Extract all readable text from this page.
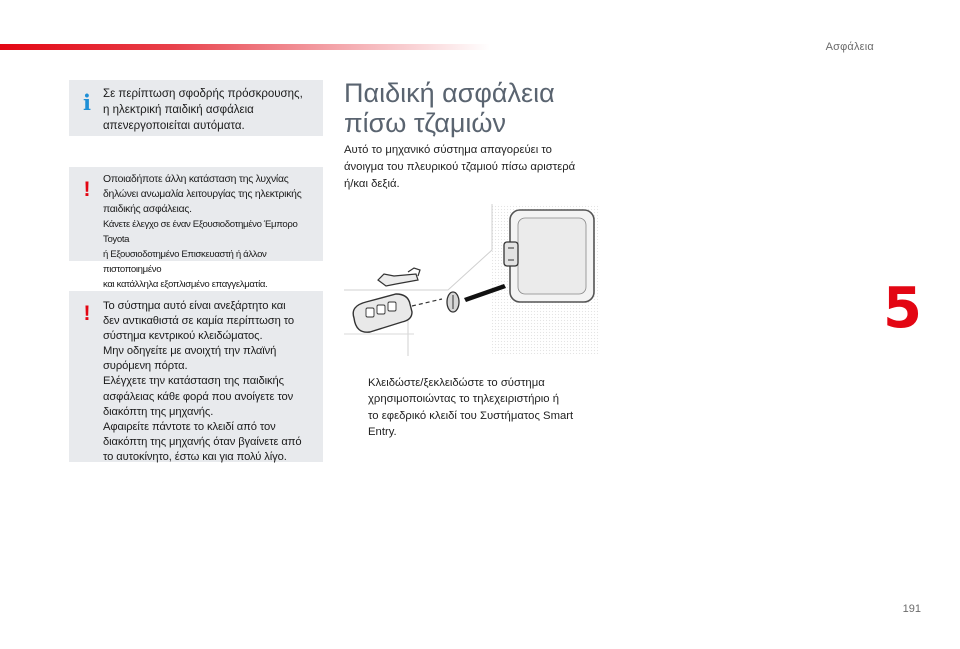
Ασφάλεια
5
191
i Σε περίπτωση σφοδρής πρόσκρουσης,

η ηλεκτρική παιδική ασφάλεια

απενεργοποιείται αυτόματα.

!	Οποιαδήποτε άλλη κατάσταση της λυχνίας

δηλώνει ανωμαλία λειτουργίας της ηλεκτρικής

παιδικής ασφάλειας.

Κάνετε έλεγχο σε έναν Εξουσιοδοτημένο Έμπορο Toyota

ή Εξουσιοδοτημένο Επισκευαστή ή άλλον πιστοποιημένο

και κατάλληλα εξοπλισμένο επαγγελματία.

!	Το σύστημα αυτό είναι ανεξάρτητο και

δεν αντικαθιστά σε καμία περίπτωση το

σύστημα κεντρικού κλειδώματος.

Μην οδηγείτε με ανοιχτή την πλαϊνή

συρόμενη πόρτα.

Ελέγχετε την κατάσταση της παιδικής

ασφάλειας κάθε φορά που ανοίγετε τον

διακόπτη της μηχανής.

Αφαιρείτε πάντοτε το κλειδί από τον

διακόπτη της μηχανής όταν βγαίνετε από

το αυτοκίνητο, έστω και για πολύ λίγο.

Παιδική ασφάλεια
πίσω τζαμιών

Αυτό το μηχανικό σύστημα απαγορεύει το

άνοιγμα του πλευρικού τζαμιού πίσω αριστερά

ή/και δεξιά.

Κλειδώστε/ξεκλειδώστε το σύστημα

χρησιμοποιώντας το τηλεχειριστήριο ή

το εφεδρικό κλειδί του Συστήματος Smart

Entry.
